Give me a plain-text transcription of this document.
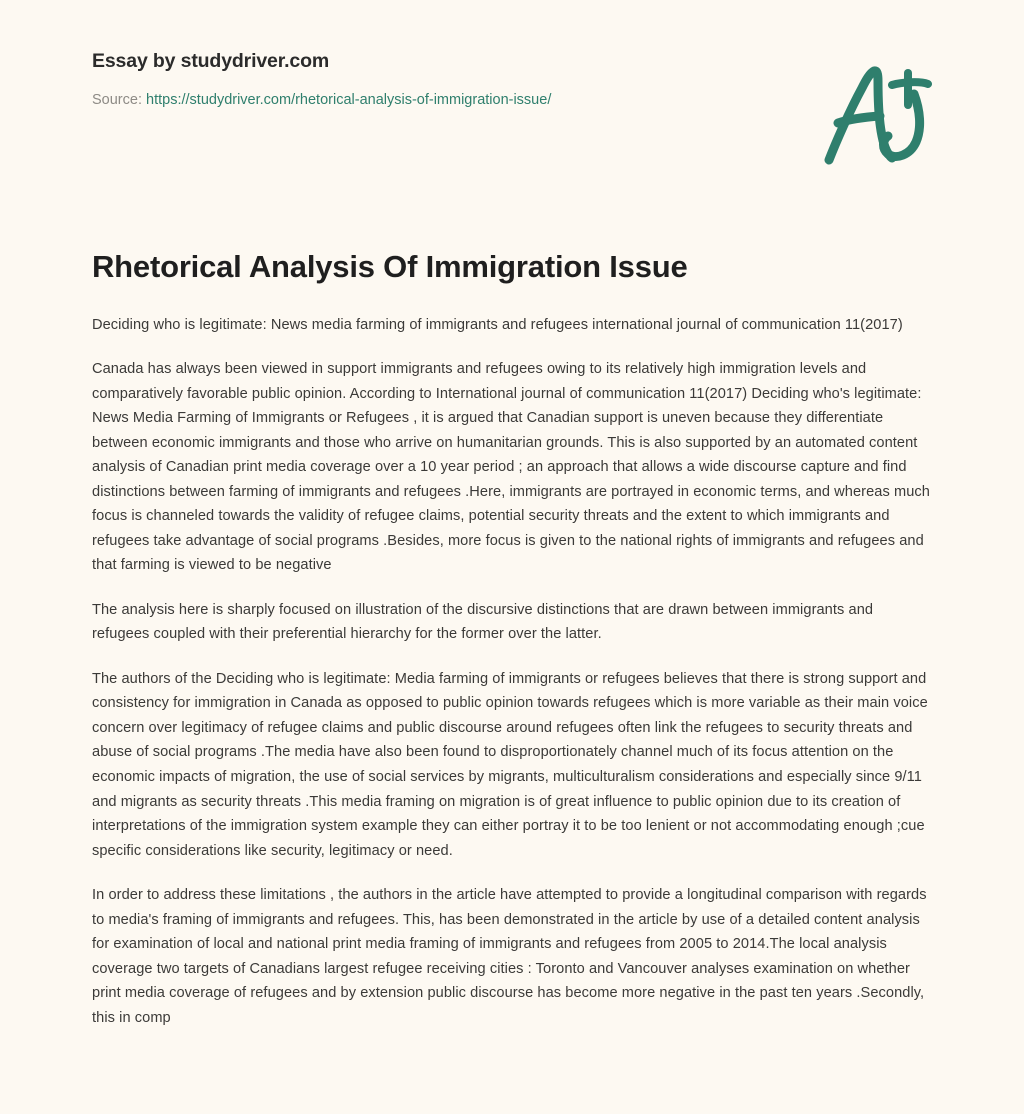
Essay by studydriver.com
Source: https://studydriver.com/rhetorical-analysis-of-immigration-issue/
Rhetorical Analysis Of Immigration Issue

Deciding who is legitimate: News media farming of immigrants and refugees international journal of communication 11(2017)

Canada has always been viewed in support immigrants and refugees owing to its relatively high immigration levels and comparatively favorable public opinion. According to International journal of communication 11(2017) Deciding who's legitimate: News Media Farming of Immigrants or Refugees , it is argued that Canadian support is uneven because they differentiate between economic immigrants and those who arrive on humanitarian grounds. This is also supported by an automated content analysis of Canadian print media coverage over a 10 year period ; an approach that allows a wide discourse capture and find distinctions between farming of immigrants and refugees .Here, immigrants are portrayed in economic terms, and whereas much focus is channeled towards the validity of refugee claims, potential security threats and the extent to which immigrants and refugees take advantage of social programs .Besides, more focus is given to the national rights of immigrants and refugees and that farming is viewed to be negative

The analysis here is sharply focused on illustration of the discursive distinctions that are drawn between immigrants and refugees coupled with their preferential hierarchy for the former over the latter.

The authors of the Deciding who is legitimate: Media farming of immigrants or refugees believes that there is strong support and consistency for immigration in Canada as opposed to public opinion towards refugees which is more variable as their main voice concern over legitimacy of refugee claims and public discourse around refugees often link the refugees to security threats and abuse of social programs .The media have also been found to disproportionately channel much of its focus attention on the economic impacts of migration, the use of social services by migrants, multiculturalism considerations and especially since 9/11 and migrants as security threats .This media framing on migration is of great influence to public opinion due to its creation of interpretations of the immigration system example they can either portray it to be too lenient or not accommodating enough ;cue specific considerations like security, legitimacy or need.

In order to address these limitations , the authors in the article have attempted to provide a longitudinal comparison with regards to media's framing of immigrants and refugees. This, has been demonstrated in the article by use of a detailed content analysis for examination of local and national print media framing of immigrants and refugees from 2005 to 2014.The local analysis coverage two targets of Canadians largest refugee receiving cities : Toronto and Vancouver analyses examination on whether print media coverage of refugees and by extension public discourse has become more negative in the past ten years .Secondly, this in comp
